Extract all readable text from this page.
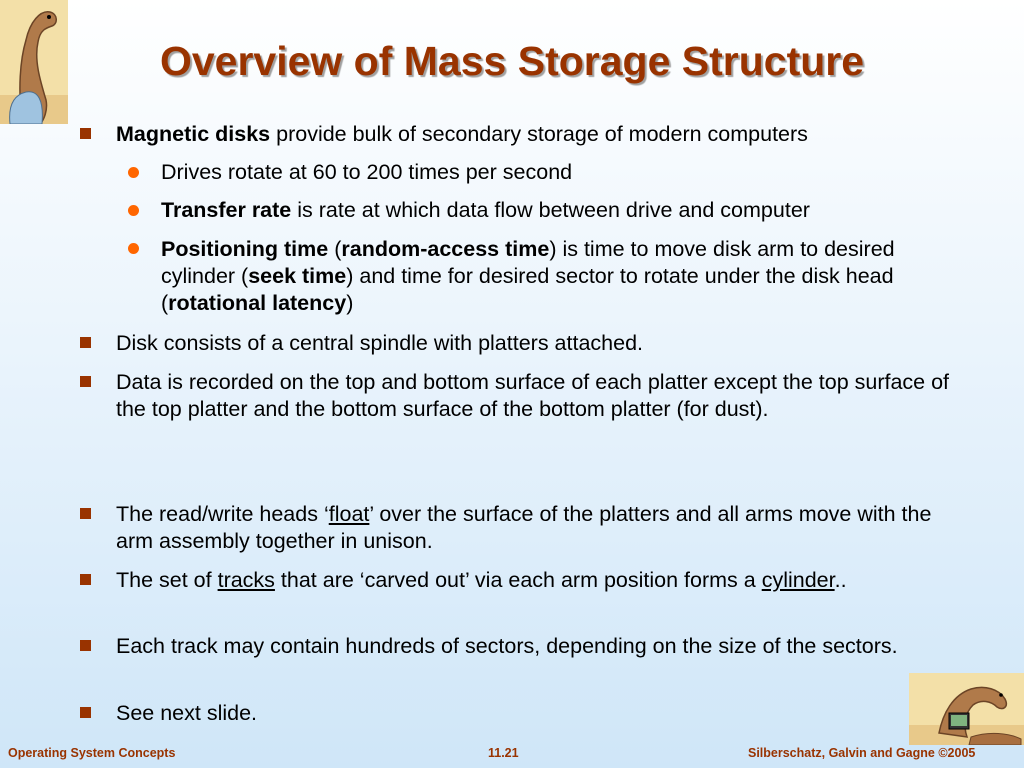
Overview of Mass Storage Structure
Magnetic disks provide bulk of secondary storage of modern computers
Drives rotate at 60 to 200 times per second
Transfer rate is rate at which data flow between drive and computer
Positioning time (random-access time) is time to move disk arm to desired cylinder (seek time) and time for desired sector to rotate under the disk head (rotational latency)
Disk consists of a central spindle with platters attached.
Data is recorded on the top and bottom surface of each platter except the top surface of the top platter and the bottom surface of the bottom platter (for dust).
The read/write heads ‘float’ over the surface of the platters and all arms move with the arm assembly together in unison.
The set of tracks that are ‘carved out’ via each arm position forms a cylinder..
Each track may contain hundreds of sectors, depending on the size of the sectors.
See next slide.
Operating System Concepts	11.21	Silberschatz, Galvin and Gagne ©2005
